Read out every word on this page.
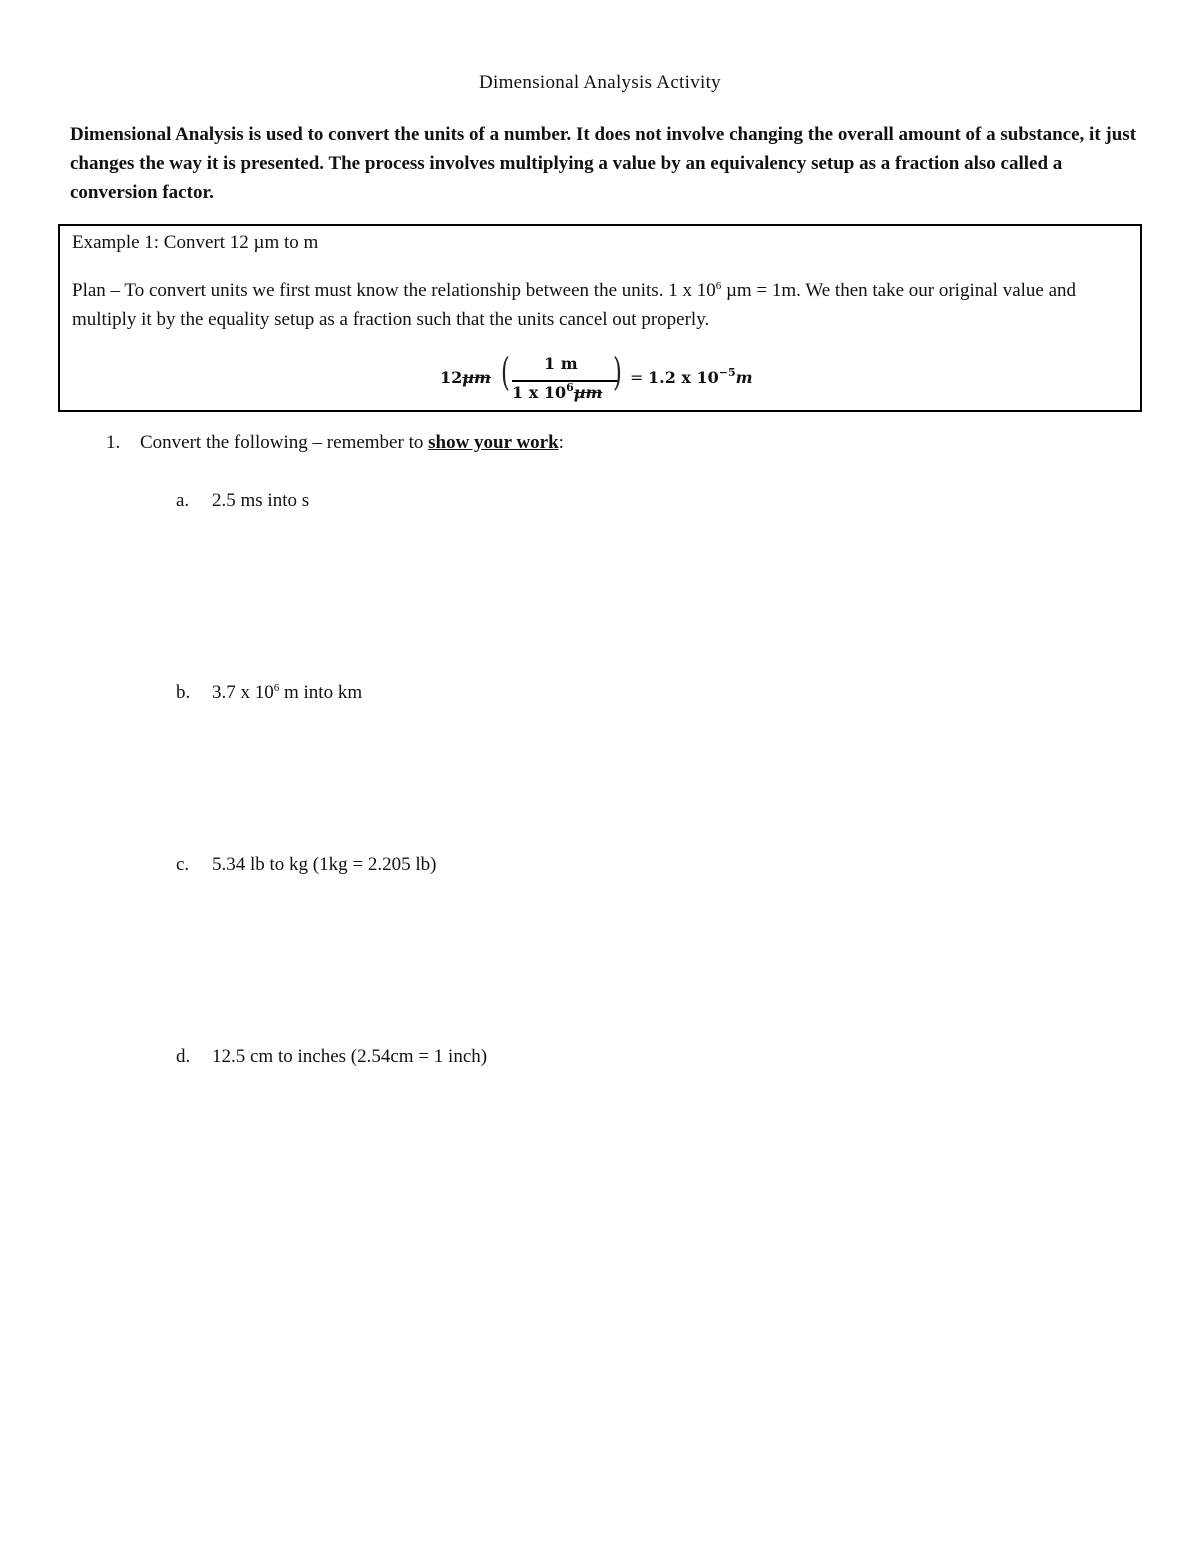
Dimensional Analysis Activity
Dimensional Analysis is used to convert the units of a number. It does not involve changing the overall amount of a substance, it just changes the way it is presented. The process involves multiplying a value by an equivalency setup as a fraction also called a conversion factor.
Example 1: Convert 12 µm to m
Plan – To convert units we first must know the relationship between the units. 1 x $10^6$ µm = 1m. We then take our original value and multiply it by the equality setup as a fraction such that the units cancel out properly.
12µm ( 1 m
1 x $10^6\mu m$ ) = 1.2 x $10^{-5}m$
1. Convert the following – remember to show your work:
a. 2.5 ms into s
b. 3.7 x $10^6$ m into km
c. 5.34 lb to kg (1kg = 2.205 lb)
d. 12.5 cm to inches (2.54cm = 1 inch)
